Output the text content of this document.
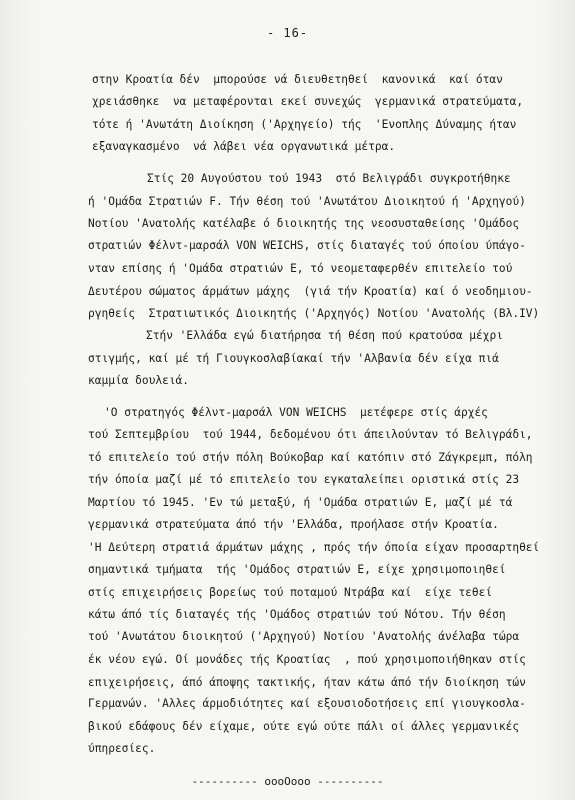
- 16-
στην Κροατία δέν  μπορούσε νά διευθετηθεί  κανονικά  καί όταν
χρειάσθηκε  να μεταφέρονται εκεί συνεχώς  γερμανικά στρατεύματα,
τότε ή 'Ανωτάτη Διοίκηση ('Αρχηγείο) τής  'Ενοπλης Δύναμης ήταν
εξαναγκασμένο  νά λάβει νέα οργανωτικά μέτρα.
Στίς 20 Αυγούστου τού 1943  στό Βελιγράδι συγκροτήθηκε
ή 'Ομάδα Στρατιών F. Τήν θέση τού 'Ανωτάτου Διοικητού ή 'Αρχηγού)
Νοτίου 'Ανατολής κατέλαβε ό διοικητής της νεοσυσταθείσης 'Ομάδος
στρατιών Φέλντ-μαρσάλ VON WEICHS, στίς διαταγές τού όποίου ύπάγο-
νταν επίσης ή 'Ομάδα στρατιών Ε, τό νεομεταφερθέν επιτελείο τού
Δευτέρου σώματος άρμάτων μάχης  (γιά τήν Κροατία) καί ό νεοδημιου-
ργηθείς  Στρατιωτικός Διοικητής ('Αρχηγός) Νοτίου 'Ανατολής (Βλ.IV)
Στήν 'Ελλάδα εγώ διατήρησα τή θέση πού κρατούσα μέχρι
στιγμής, καί μέ τή Γιουγκοσλαβίακαί τήν 'Αλβανία δέν είχα πιά
καμμία δουλειά.
'Ο στρατηγός Φέλντ-μαρσάλ VON WEICHS  μετέφερε στίς άρχές
τού Σεπτεμβρίου  τού 1944, δεδομένου ότι άπειλούνταν τό Βελιγράδι,
τό επιτελείο τού στήν πόλη Βούκοβαρ καί κατόπιν στό Ζάγκρεμπ, πόλη
τήν όποία μαζί μέ τό επιτελείο του εγκαταλείπει οριστικά στίς 23
Μαρτίου τό 1945. 'Εν τώ μεταξύ, ή 'Ομάδα στρατιών Ε, μαζί μέ τά
γερμανικά στρατεύματα άπό τήν 'Ελλάδα, προήλασε στήν Κροατία.
'Η Δεύτερη στρατιά άρμάτων μάχης , πρός τήν όποία είχαν προσαρτηθεί
σημαντικά τμήματα  τής 'Ομάδος στρατιών Ε, είχε χρησιμοποιηθεί
στίς επιχειρήσεις βορείως τού ποταμού Ντράβα καί  είχε τεθεί
κάτω άπό τίς διαταγές τής 'Ομάδος στρατιών τού Νότου. Τήν θέση
τού 'Ανωτάτου διοικητού ('Αρχηγού) Νοτίου 'Ανατολής άνέλαβα τώρα
έκ νέου εγώ. Οί μονάδες τής Κροατίας  , πού χρησιμοποιήθηκαν στίς
επιχειρήσεις, άπό άποψης τακτικής, ήταν κάτω άπό τήν διοίκηση τών
Γερμανών. 'Αλλες άρμοδιότητες καί εξουσιοδοτήσεις επί γιουγκοσλα-
βικού εδάφους δέν είχαμε, ούτε εγώ ούτε πάλι οί άλλες γερμανικές
ύπηρεσίες.
---------- oooOooo ----------
